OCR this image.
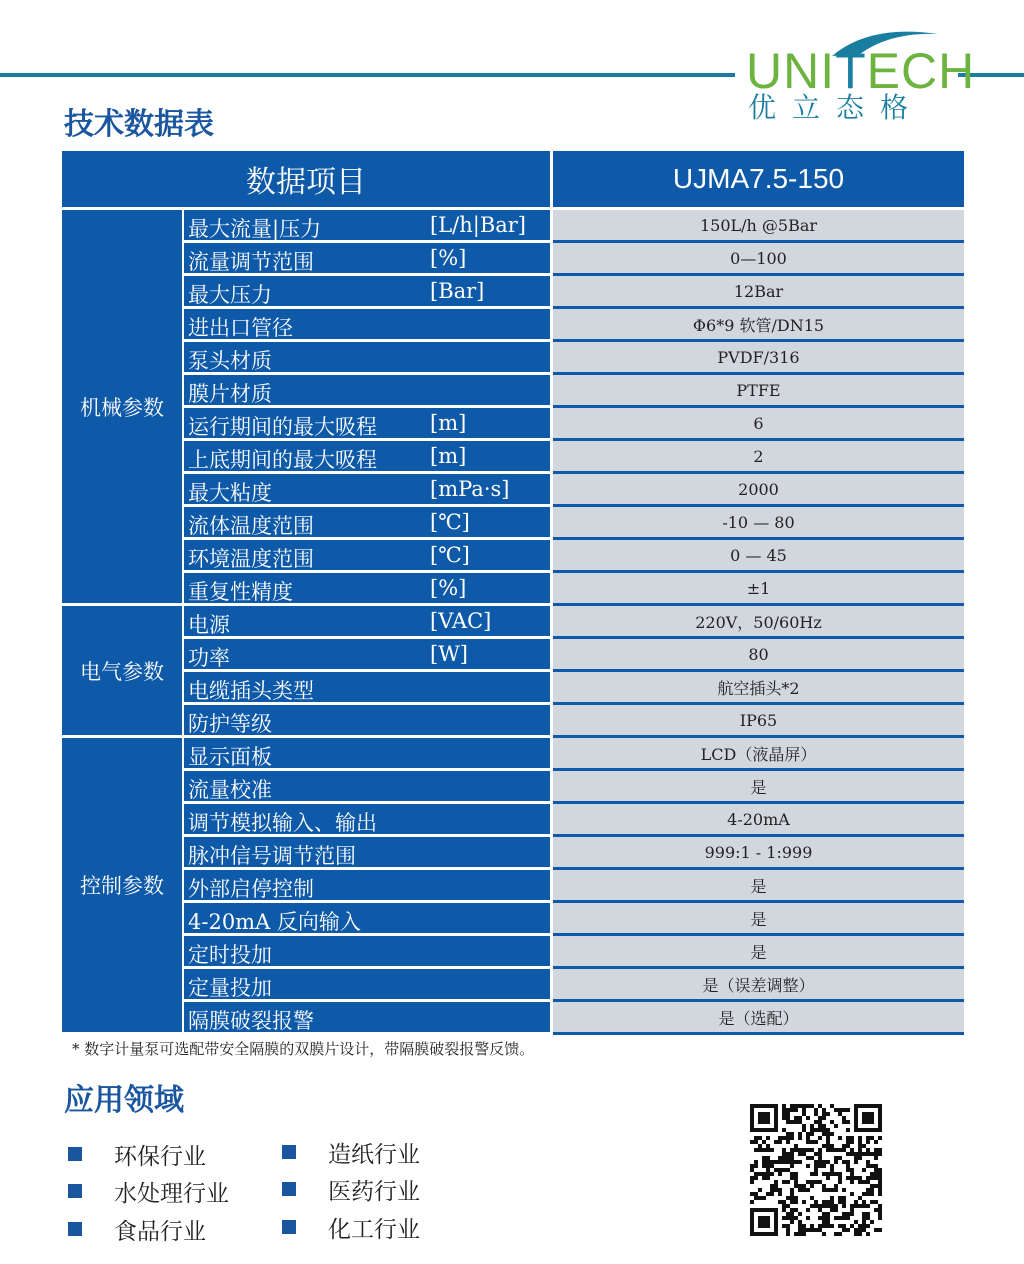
UNITECH
优立态格
技术数据表
数据项目		UJMA7.5-150
机械参数	最大流量|压力 [L/h|Bar]	150L/h @5Bar

	流量调节范围 [%]	0—100

	最大压力 [Bar]	12Bar

	进出口管径	Φ6*9 软管/DN15

	泵头材质	PVDF/316

	膜片材质	PTFE

	运行期间的最大吸程 [m]	6

	上底期间的最大吸程 [m]	2

	最大粘度 [mPa·s]	2000

	流体温度范围 [℃]	-10 — 80

	环境温度范围 [℃]	0 — 45

	重复性精度 [%]	±1
电气参数	电源 [VAC]	220V，50/60Hz

	功率 [W]	80

	电缆插头类型	航空插头*2

	防护等级	IP65
控制参数	显示面板	LCD（液晶屏）

	流量校准	是

	调节模拟输入、输出	4-20mA

	脉冲信号调节范围	999:1 - 1:999

	外部启停控制	是

	4-20mA 反向输入	是

	定时投加	是

	定量投加	是（误差调整）

	隔膜破裂报警	是（选配）
* 数字计量泵可选配带安全隔膜的双膜片设计，带隔膜破裂报警反馈。
应用领域
环保行业	造纸行业
水处理行业	医药行业
食品行业	化工行业
